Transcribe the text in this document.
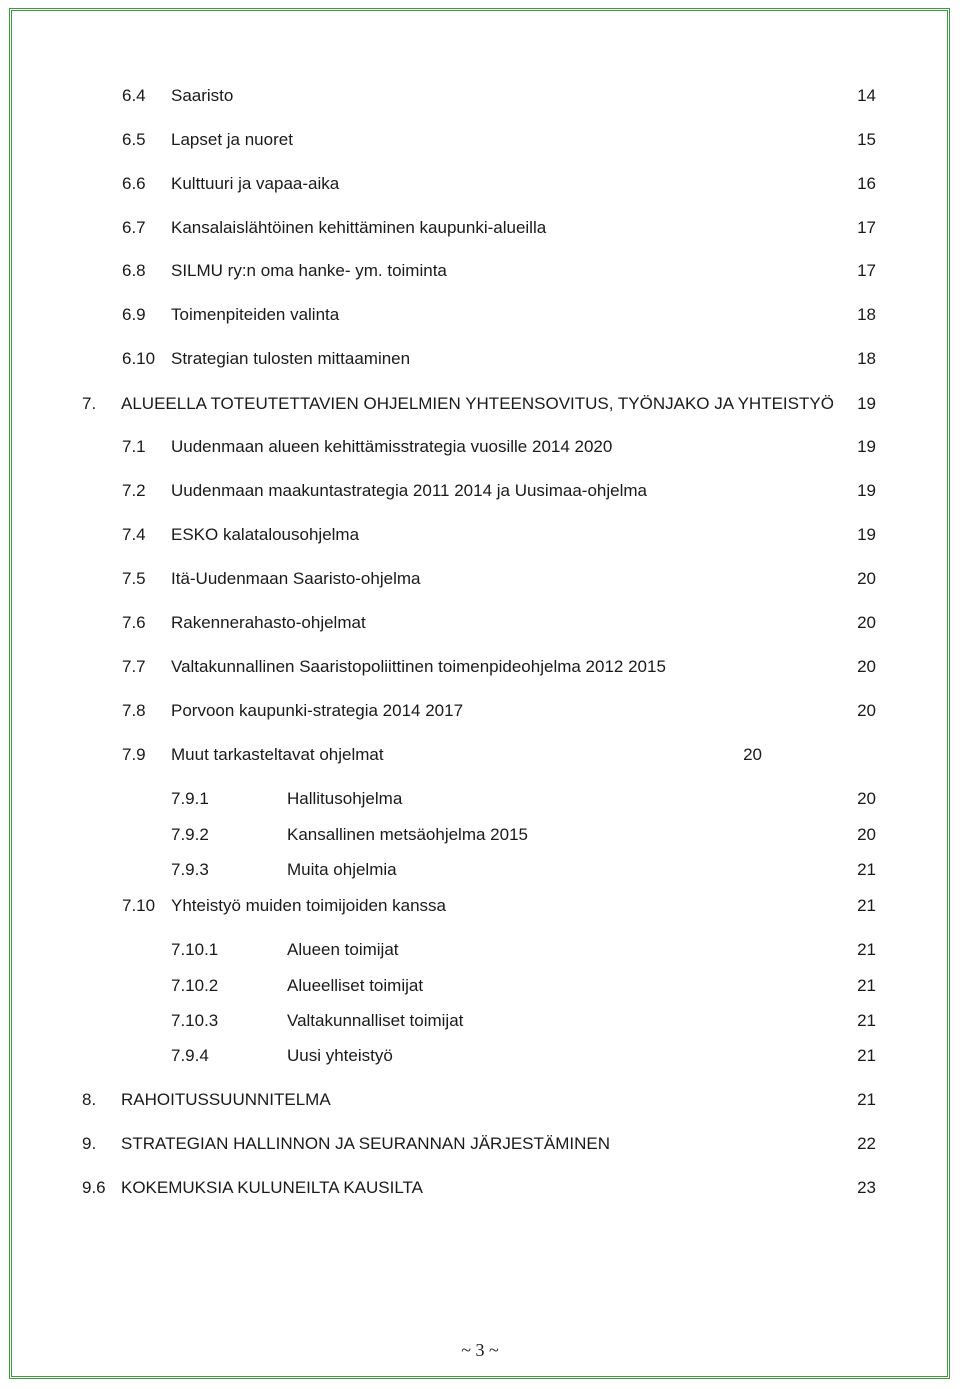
6.4 Saaristo	14
6.5 Lapset ja nuoret	15
6.6 Kulttuuri ja vapaa-aika	16
6.7 Kansalaislähtöinen kehittäminen kaupunki-alueilla	17
6.8 SILMU ry:n oma hanke- ym. toiminta	17
6.9 Toimenpiteiden valinta	18
6.10 Strategian tulosten mittaaminen	18
7. ALUEELLA TOTEUTETTAVIEN OHJELMIEN YHTEENSOVITUS, TYÖNJAKO JA YHTEISTYÖ	19
7.1 Uudenmaan alueen kehittämisstrategia vuosille 2014 2020	19
7.2 Uudenmaan maakuntastrategia 2011 2014 ja Uusimaa-ohjelma	19
7.4 ESKO kalatalousohjelma	19
7.5 Itä-Uudenmaan Saaristo-ohjelma	20
7.6 Rakennerahasto-ohjelmat	20
7.7 Valtakunnallinen Saaristopoliittinen toimenpideohjelma 2012 2015	20
7.8 Porvoon kaupunki-strategia 2014 2017	20
7.9 Muut tarkasteltavat ohjelmat	20
7.9.1	Hallitusohjelma	20
7.9.2	Kansallinen metsäohjelma 2015	20
7.9.3	Muita ohjelmia	21
7.10 Yhteistyö muiden toimijoiden kanssa	21
7.10.1	Alueen toimijat	21
7.10.2	Alueelliset toimijat	21
7.10.3	Valtakunnalliset toimijat	21
7.9.4	Uusi yhteistyö	21
8. RAHOITUSSUUNNITELMA	21
9. STRATEGIAN HALLINNON JA SEURANNAN JÄRJESTÄMINEN	22
9.6 KOKEMUKSIA KULUNEILTA KAUSILTA	23
~ 3 ~
